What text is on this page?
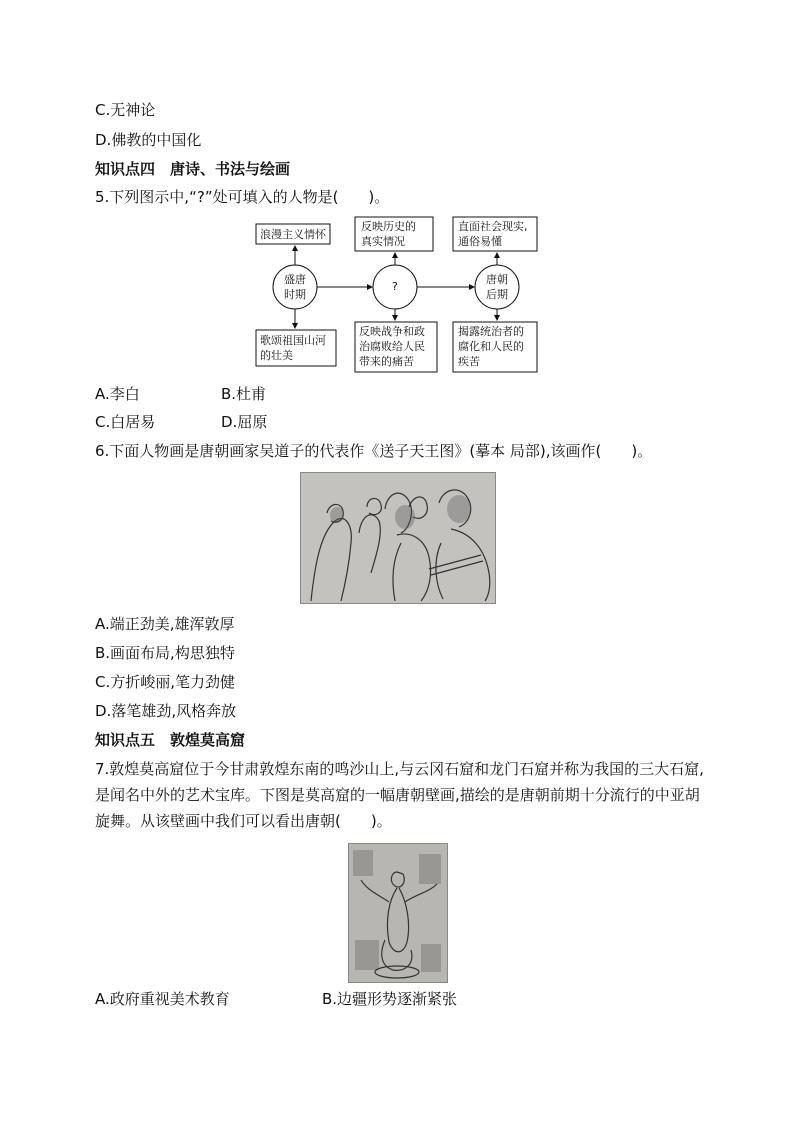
C.无神论
D.佛教的中国化
知识点四　唐诗、书法与绘画
5.下列图示中,“?”处可填入的人物是(　　)。
浪漫主义情怀
反映历史的
真实情况
直面社会现实,
通俗易懂
盛唐
时期
?
唐朝
后期
歌颂祖国山河
的壮美
反映战争和政
治腐败给人民
带来的痛苦
揭露统治者的
腐化和人民的
疾苦
A.李白	B.杜甫
C.白居易	D.屈原
6.下面人物画是唐朝画家吴道子的代表作《送子天王图》(摹本 局部),该画作(　　)。
A.端正劲美,雄浑敦厚
B.画面布局,构思独特
C.方折峻丽,笔力劲健
D.落笔雄劲,风格奔放
知识点五　敦煌莫高窟
7.敦煌莫高窟位于今甘肃敦煌东南的鸣沙山上,与云冈石窟和龙门石窟并称为我国的三大石窟,是闻名中外的艺术宝库。下图是莫高窟的一幅唐朝壁画,描绘的是唐朝前期十分流行的中亚胡旋舞。从该壁画中我们可以看出唐朝(　　)。
A.政府重视美术教育	B.边疆形势逐渐紧张
